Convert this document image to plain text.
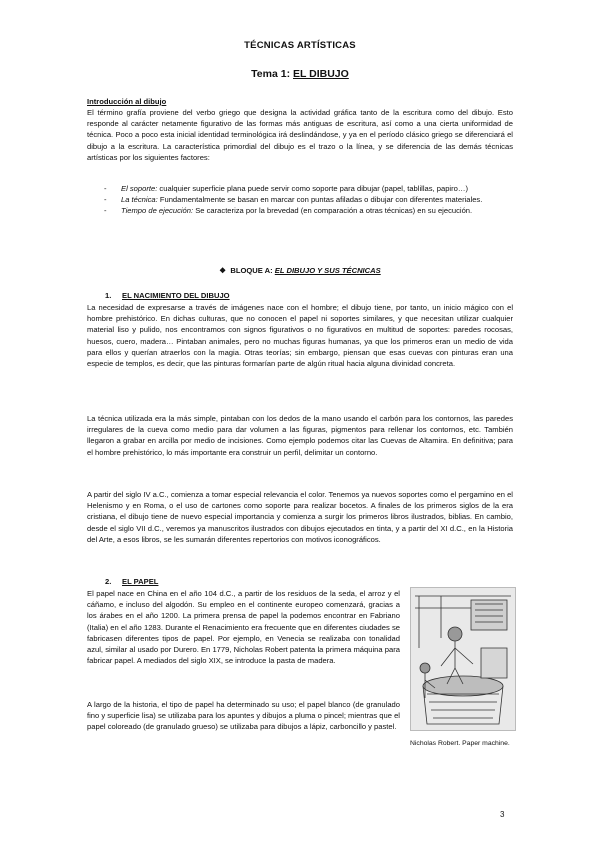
TÉCNICAS ARTÍSTICAS
Tema 1: EL DIBUJO
Introducción al dibujo

El término grafía proviene del verbo griego que designa la actividad gráfica tanto de la escritura como del dibujo. Esto responde al carácter netamente figurativo de las formas más antiguas de escritura, así como a una cierta uniformidad de técnica. Poco a poco esta inicial identidad terminológica irá deslindándose, y ya en el período clásico griego se diferenciará el dibujo a la escritura. La característica primordial del dibujo es el trazo o la línea, y se diferencia de las demás técnicas artísticas por los siguientes factores:

- El soporte: cualquier superficie plana puede servir como soporte para dibujar (papel, tablillas, papiro…)

- La técnica: Fundamentalmente se basan en marcar con puntas afiladas o dibujar con diferentes materiales.

- Tiempo de ejecución: Se caracteriza por la brevedad (en comparación a otras técnicas) en su ejecución.

❖ BLOQUE A: EL DIBUJO Y SUS TÉCNICAS
1. EL NACIMIENTO DEL DIBUJO

La necesidad de expresarse a través de imágenes nace con el hombre; el dibujo tiene, por tanto, un inicio mágico con el hombre prehistórico. En dichas culturas, que no conocen el papel ni soportes similares, y que necesitan utilizar cualquier material liso y pulido, nos encontramos con signos figurativos o no figurativos en multitud de soportes: paredes rocosas, huesos, cuero, madera… Pintaban animales, pero no muchas figuras humanas, ya que los primeros eran un medio de vida para ellos y querían atraerlos con la magia. Otras teorías; sin embargo, piensan que esas cuevas con pinturas eran una especie de templos, es decir, que las pinturas formarían parte de algún ritual hacia alguna divinidad concreta.

La técnica utilizada era la más simple, pintaban con los dedos de la mano usando el carbón para los contornos, las paredes irregulares de la cueva como medio para dar volumen a las figuras, pigmentos para rellenar los contornos, etc. También llegaron a grabar en arcilla por medio de incisiones. Como ejemplo podemos citar las Cuevas de Altamira. En definitiva; para el hombre prehistórico, lo más importante era construir un perfil, delimitar un contorno.

A partir del siglo IV a.C., comienza a tomar especial relevancia el color. Tenemos ya nuevos soportes como el pergamino en el Helenismo y en Roma, o el uso de cartones como soporte para realizar bocetos. A finales de los primeros siglos de la era cristiana, el dibujo tiene de nuevo especial importancia y comienza a surgir los primeros libros ilustrados, biblias. En cambio, desde el siglo VII d.C., veremos ya manuscritos ilustrados con dibujos ejecutados en tinta, y a partir del XI d.C., en la Historia del Arte, a esos libros, se les sumarán diferentes repertorios con motivos iconográficos.

2. EL PAPEL

El papel nace en China en el año 104 d.C., a partir de los residuos de la seda, el arroz y el cáñamo, e incluso del algodón. Su empleo en el continente europeo comenzará, gracias a los árabes en el año 1200. La primera prensa de papel la podemos encontrar en Fabriano (Italia) en el año 1283. Durante el Renacimiento era frecuente que en diferentes ciudades se fabricasen diferentes tipos de papel. Por ejemplo, en Venecia se realizaba con tonalidad azul, similar al usado por Durero. En 1779, Nicholas Robert patenta la primera máquina para fabricar papel. A mediados del siglo XIX, se introduce la pasta de madera.

A largo de la historia, el tipo de papel ha determinado su uso; el papel blanco (de granulado fino y superficie lisa) se utilizaba para los apuntes y dibujos a pluma o pincel; mientras que el papel coloreado (de granulado grueso) se utilizaba para dibujos a lápiz, carboncillo y pastel.

Nicholas Robert. Paper machine.
3
